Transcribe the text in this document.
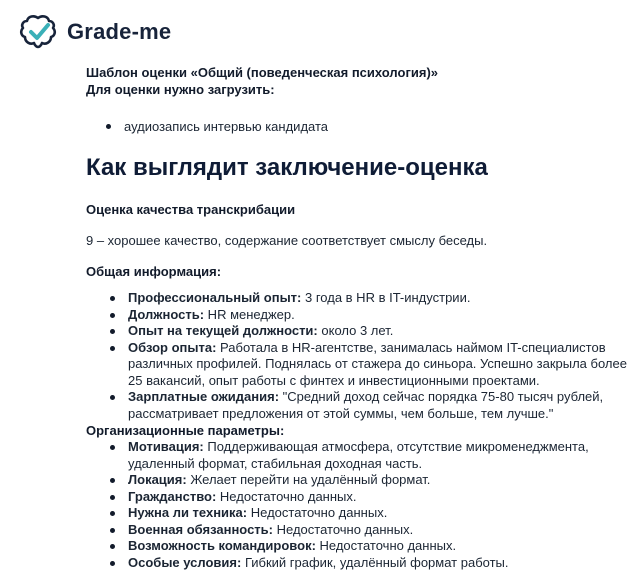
Grade-me
Шаблон оценки «Общий (поведенческая психология)»
Для оценки нужно загрузить:
аудиозапись интервью кандидата
Как выглядит заключение-оценка
Оценка качества транскрибации
9 – хорошее качество, содержание соответствует смыслу беседы.
Общая информация:
Профессиональный опыт: 3 года в HR в IT-индустрии.
Должность: HR менеджер.
Опыт на текущей должности: около 3 лет.
Обзор опыта: Работала в HR-агентстве, занималась наймом IT-специалистов различных профилей. Поднялась от стажера до синьора. Успешно закрыла более 25 вакансий, опыт работы с финтех и инвестиционными проектами.
Зарплатные ожидания: "Средний доход сейчас порядка 75-80 тысяч рублей, рассматривает предложения от этой суммы, чем больше, тем лучше."
Организационные параметры:
Мотивация: Поддерживающая атмосфера, отсутствие микроменеджмента, удаленный формат, стабильная доходная часть.
Локация: Желает перейти на удалённый формат.
Гражданство: Недостаточно данных.
Нужна ли техника: Недостаточно данных.
Военная обязанность: Недостаточно данных.
Возможность командировок: Недостаточно данных.
Особые условия: Гибкий график, удалённый формат работы.
